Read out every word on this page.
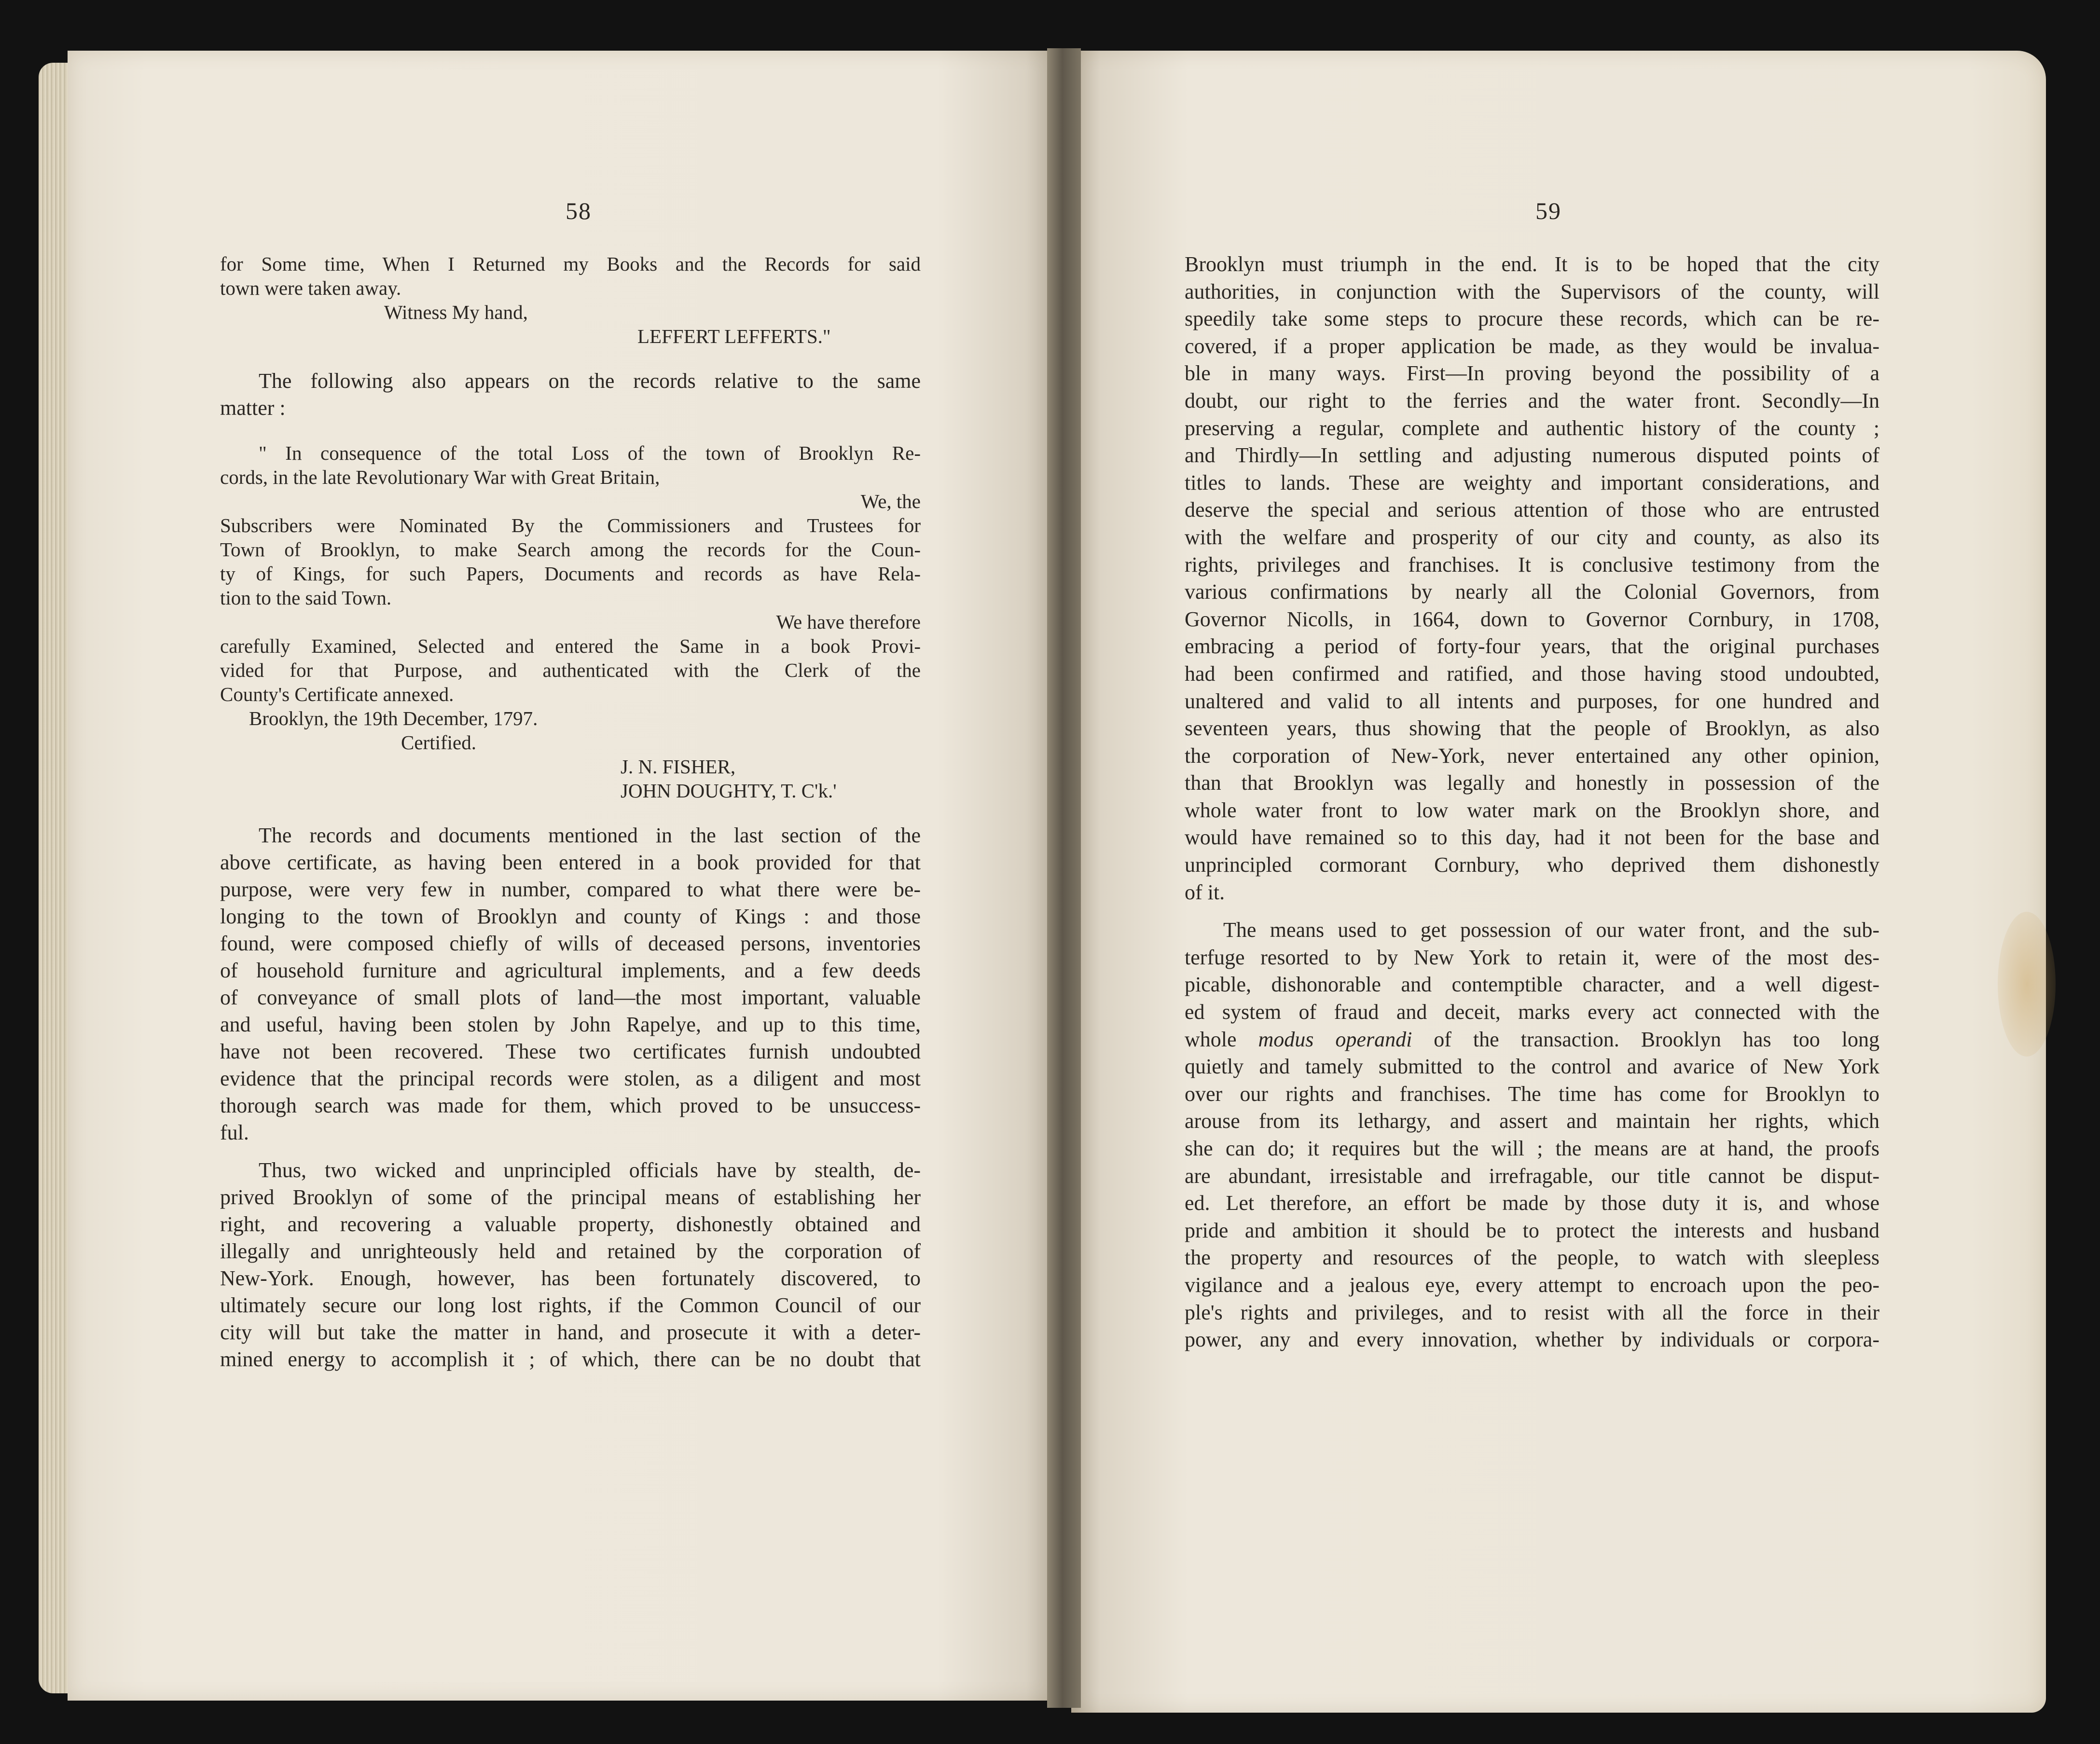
58	59

for Some time, When I Returned my Books and the Records for said
town were taken away.
Witness My hand,
LEFFERT LEFFERTS."

The following also appears on the records relative to the same
matter :

" In consequence of the total Loss of the town of Brooklyn Re-
cords, in the late Revolutionary War with Great Britain,
We, the
Subscribers were Nominated By the Commissioners and Trustees for
Town of Brooklyn, to make Search among the records for the Coun-
ty of Kings, for such Papers, Documents and records as have Rela-
tion to the said Town.
We have therefore
carefully Examined, Selected and entered the Same in a book Provi-
vided for that Purpose, and authenticated with the Clerk of the
County's Certificate annexed.
Brooklyn, the 19th December, 1797.
Certified.
J. N. FISHER,
JOHN DOUGHTY, T. C'k.'

The records and documents mentioned in the last section of the
above certificate, as having been entered in a book provided for that
purpose, were very few in number, compared to what there were be-
longing to the town of Brooklyn and county of Kings : and those
found, were composed chiefly of wills of deceased persons, inventories
of household furniture and agricultural implements, and a few deeds
of conveyance of small plots of land—the most important, valuable
and useful, having been stolen by John Rapelye, and up to this time,
have not been recovered. These two certificates furnish undoubted
evidence that the principal records were stolen, as a diligent and most
thorough search was made for them, which proved to be unsuccess-
ful.

Thus, two wicked and unprincipled officials have by stealth, de-
prived Brooklyn of some of the principal means of establishing her
right, and recovering a valuable property, dishonestly obtained and
illegally and unrighteously held and retained by the corporation of
New-York. Enough, however, has been fortunately discovered, to
ultimately secure our long lost rights, if the Common Council of our
city will but take the matter in hand, and prosecute it with a deter-
mined energy to accomplish it ; of which, there can be no doubt that

Brooklyn must triumph in the end. It is to be hoped that the city
authorities, in conjunction with the Supervisors of the county, will
speedily take some steps to procure these records, which can be re-
covered, if a proper application be made, as they would be invalua-
ble in many ways. First—In proving beyond the possibility of a
doubt, our right to the ferries and the water front. Secondly—In
preserving a regular, complete and authentic history of the county ;
and Thirdly—In settling and adjusting numerous disputed points of
titles to lands. These are weighty and important considerations, and
deserve the special and serious attention of those who are entrusted
with the welfare and prosperity of our city and county, as also its
rights, privileges and franchises. It is conclusive testimony from the
various confirmations by nearly all the Colonial Governors, from
Governor Nicolls, in 1664, down to Governor Cornbury, in 1708,
embracing a period of forty-four years, that the original purchases
had been confirmed and ratified, and those having stood undoubted,
unaltered and valid to all intents and purposes, for one hundred and
seventeen years, thus showing that the people of Brooklyn, as also
the corporation of New-York, never entertained any other opinion,
than that Brooklyn was legally and honestly in possession of the
whole water front to low water mark on the Brooklyn shore, and
would have remained so to this day, had it not been for the base and
unprincipled cormorant Cornbury, who deprived them dishonestly
of it.

The means used to get possession of our water front, and the sub-
terfuge resorted to by New York to retain it, were of the most des-
picable, dishonorable and contemptible character, and a well digest-
ed system of fraud and deceit, marks every act connected with the
whole modus operandi of the transaction. Brooklyn has too long
quietly and tamely submitted to the control and avarice of New York
over our rights and franchises. The time has come for Brooklyn to
arouse from its lethargy, and assert and maintain her rights, which
she can do; it requires but the will ; the means are at hand, the proofs
are abundant, irresistable and irrefragable, our title cannot be disput-
ed. Let therefore, an effort be made by those duty it is, and whose
pride and ambition it should be to protect the interests and husband
the property and resources of the people, to watch with sleepless
vigilance and a jealous eye, every attempt to encroach upon the peo-
ple's rights and privileges, and to resist with all the force in their
power, any and every innovation, whether by individuals or corpora-
